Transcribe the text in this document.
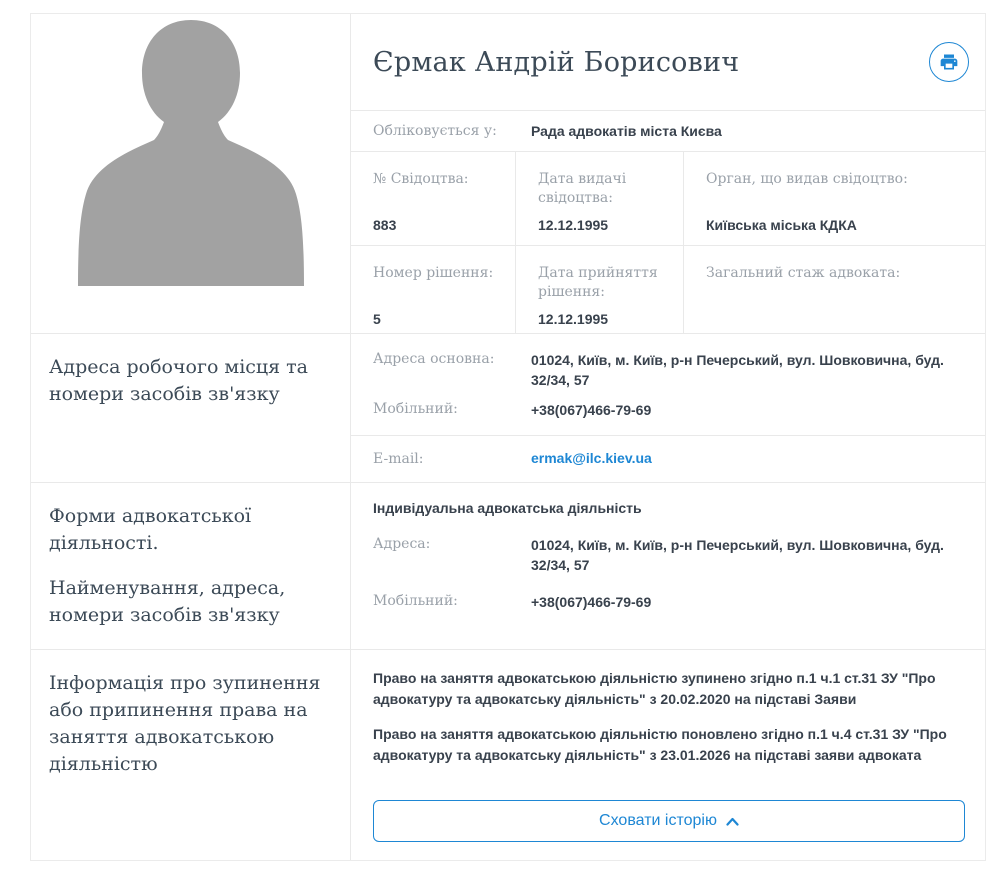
Єрмак Андрій Борисович
Обліковується у:	Рада адвокатів міста Києва
№ Свідоцтва:
883
Дата видачі свідоцтва:
12.12.1995
Орган, що видав свідоцтво:
Київська міська КДКА
Номер рішення:
5
Дата прийняття рішення:
12.12.1995
Загальний стаж адвоката:
Адреса робочого місця та номери засобів зв'язку
Адреса основна:	01024, Київ, м. Київ, р-н Печерський, вул. Шовковична, буд. 32/34, 57
Мобільний:	+38(067)466-79-69
E-mail:	ermak@ilc.kiev.ua
Форми адвокатської діяльності.
Найменування, адреса, номери засобів зв'язку
Індивідуальна адвокатська діяльність
Адреса:	01024, Київ, м. Київ, р-н Печерський, вул. Шовковична, буд. 32/34, 57
Мобільний:	+38(067)466-79-69
Інформація про зупинення або припинення права на заняття адвокатською діяльністю

Право на заняття адвокатською діяльністю зупинено згідно п.1 ч.1 ст.31 ЗУ "Про адвокатуру та адвокатську діяльність" з 20.02.2020 на підставі Заяви

Право на заняття адвокатською діяльністю поновлено згідно п.1 ч.4 ст.31 ЗУ "Про адвокатуру та адвокатську діяльність" з 23.01.2026 на підставі заяви адвоката

Сховати історію
